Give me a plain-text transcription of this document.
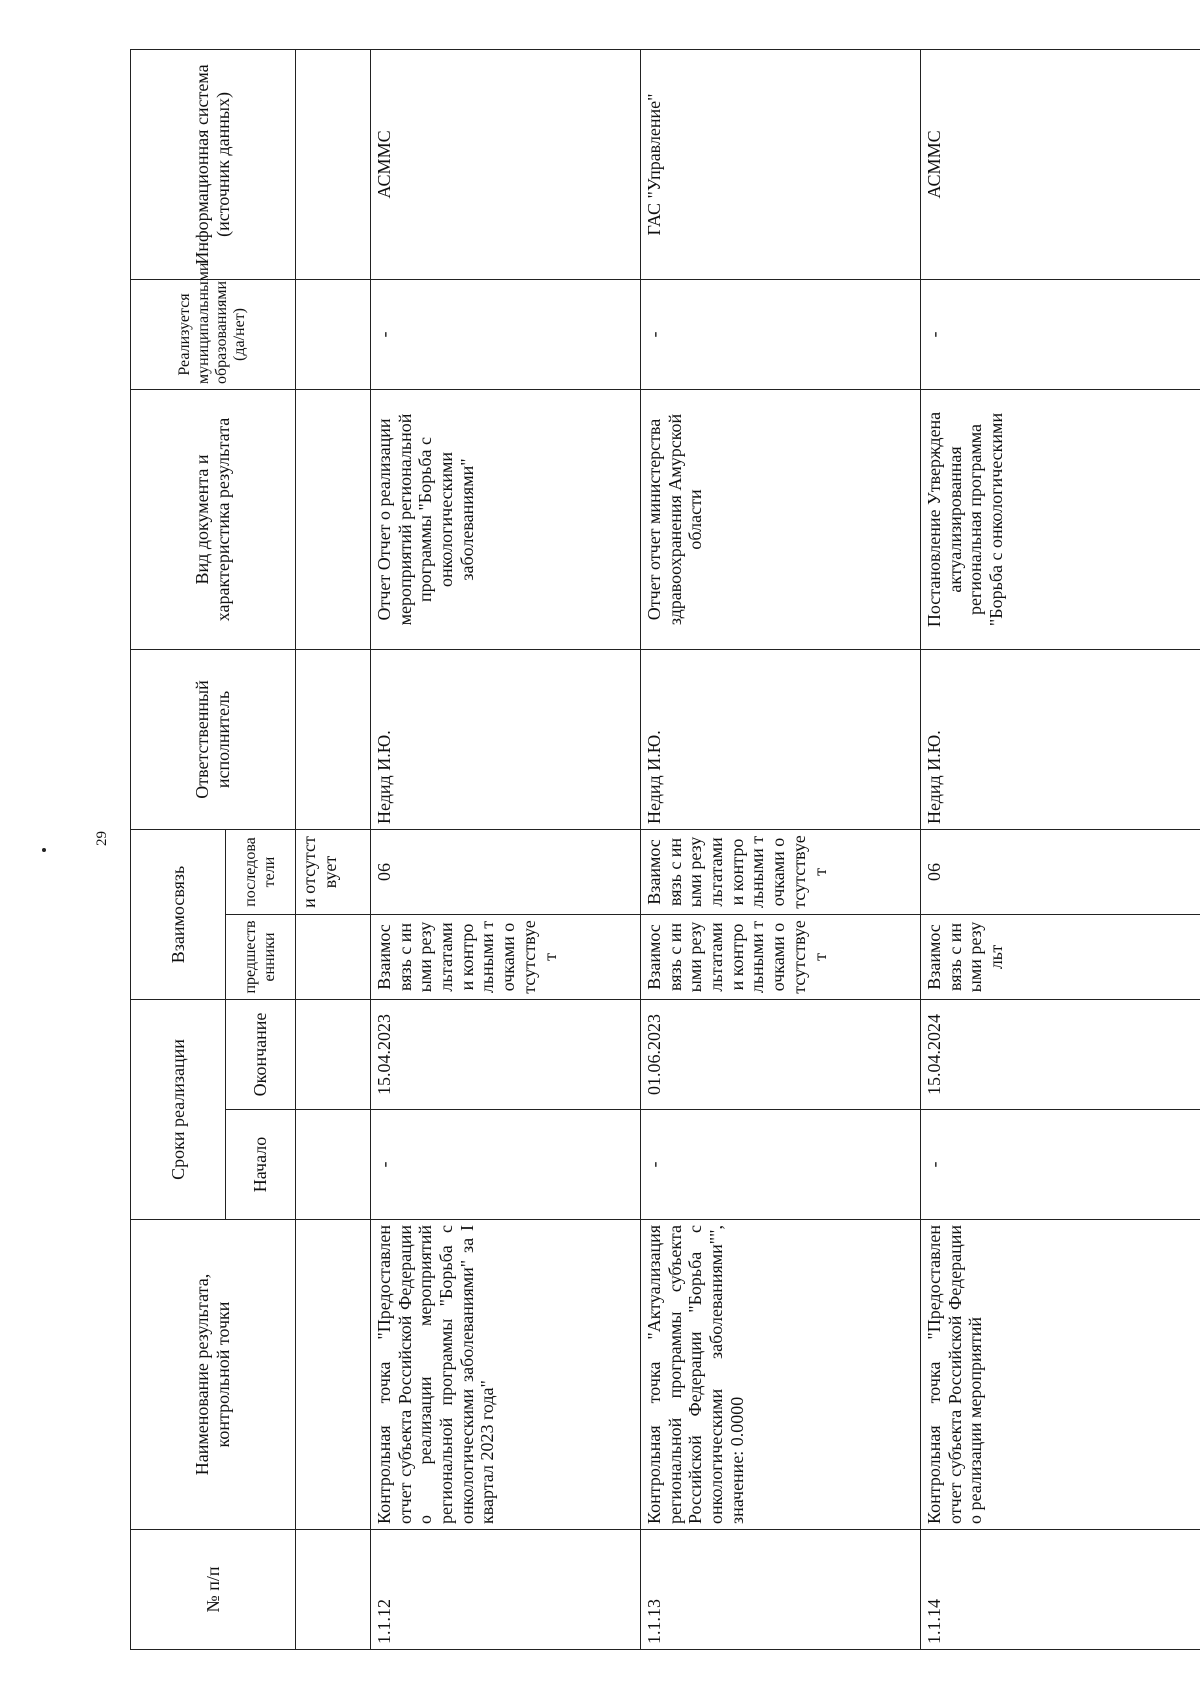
29
№ п/п	Наименование результата, контрольной точки	Сроки реализации		Взаимосвязь		Ответственный исполнитель	Вид документа и характеристика результата	Реализуется муниципальными образованиями (да/нет)	Информационная система (источник данных)
		Начало	Окончание	предшественники	последователи				
					и отсутствует				
1.1.12	Контрольная точка "Предоставлен отчет субъекта Российской Федерации о реализации мероприятий региональной программы "Борьба с онкологическими заболеваниями" за I квартал 2023 года"	-	15.04.2023	Взаимосвязь с иными результатами и контрольными точками отсутствует	06	Недид И.Ю.	Отчет Отчет о реализации мероприятий региональной программы "Борьба с онкологическими заболеваниями"	-	АСММС
1.1.13	Контрольная точка "Актуализация региональной программы субъекта Российской Федерации "Борьба с онкологическими заболеваниями"", значение: 0.0000	-	01.06.2023	Взаимосвязь с иными результатами и контрольными точками отсутствует	Взаимосвязь с иными результатами и контрольными точками отсутствует	Недид И.Ю.	Отчет отчет министерства здравоохранения Амурской области	-	ГАС "Управление"
1.1.14	Контрольная точка "Предоставлен отчет субъекта Российской Федерации о реализации мероприятий	-	15.04.2024	Взаимосвязь с иными результ	06	Недид И.Ю.	Постановление Утверждена актуализированная региональная программа "Борьба с онкологическими	-	АСММС
